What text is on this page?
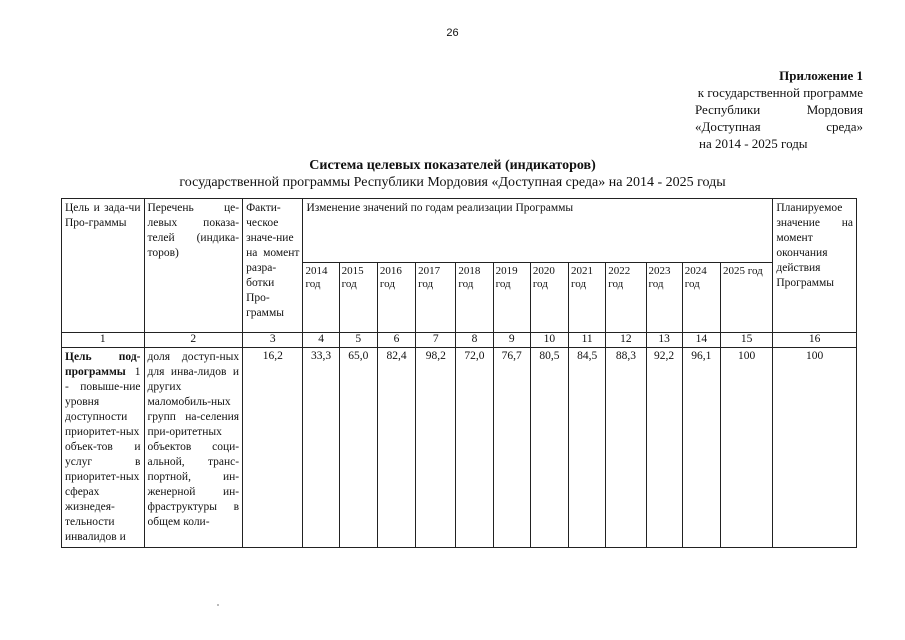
26
Приложение 1
к государственной программе
Республики	Мордовия
«Доступная	среда»
на 2014 - 2025 годы
Система целевых показателей (индикаторов)
государственной программы Республики Мордовия «Доступная среда» на 2014 - 2025 годы
Цель и зада-чи Про-граммы	Перечень це-левых показа-телей (индика-торов)	Факти-ческое значе-ние на момент разра-ботки Про-граммы	Изменение значений по годам реализации Программы												Планируемое значение на момент окончания действия Программы
			2014 год	2015 год	2016 год	2017 год	2018 год	2019 год	2020 год	2021 год	2022 год	2023 год	2024 год	2025 год	
1	2	3	4	5	6	7	8	9	10	11	12	13	14	15	16
Цель под-программы 1 - повыше-ние уровня доступности приоритет-ных объек-тов и услуг в приоритет-ных сферах жизнедея-тельности инвалидов и	доля доступ-ных для инва-лидов и других маломобиль-ных групп на-селения при-оритетных объектов соци-альной, транс-портной, ин-женерной ин-фраструктуры в общем коли-	16,2	33,3	65,0	82,4	98,2	72,0	76,7	80,5	84,5	88,3	92,2	96,1	100	100
